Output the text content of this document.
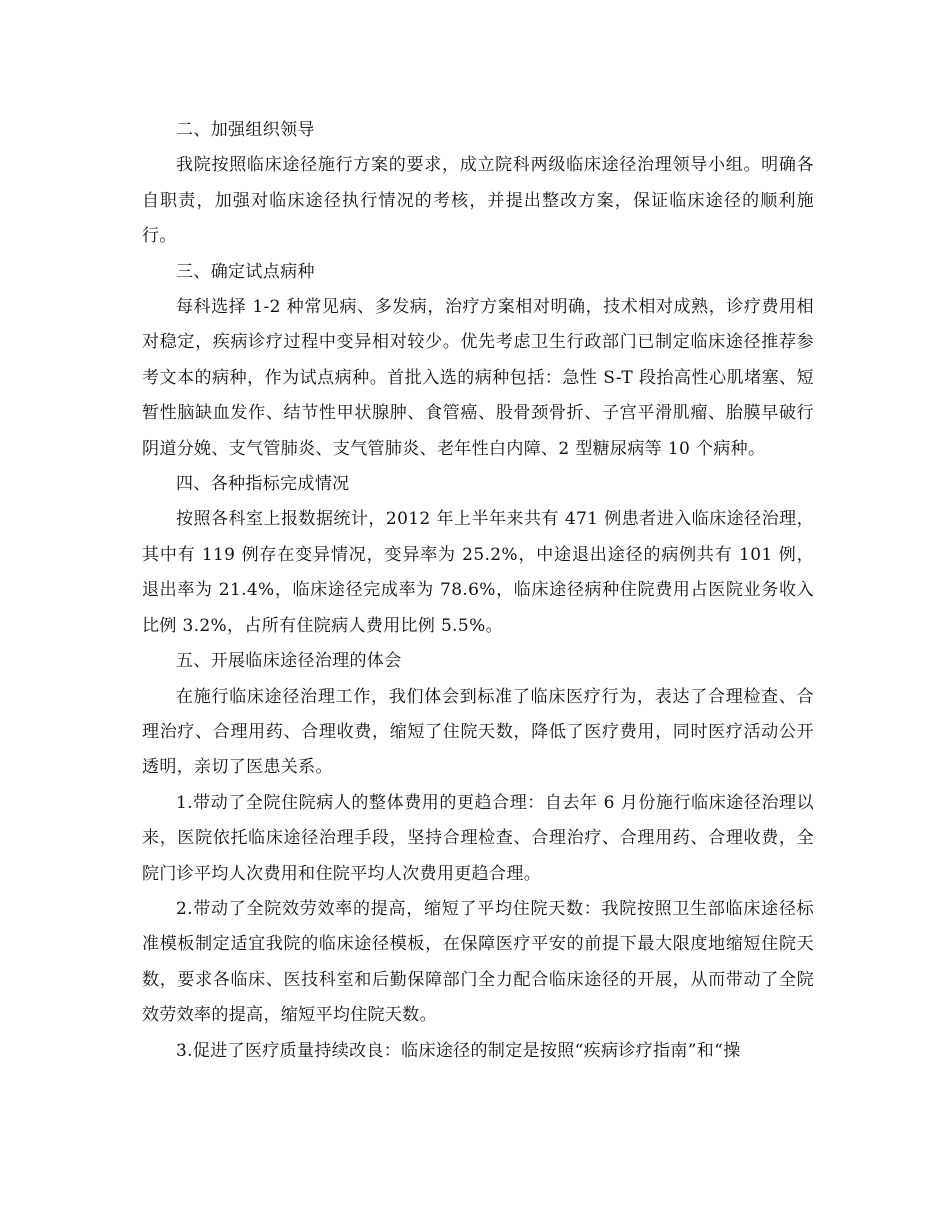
二、加强组织领导

我院按照临床途径施行方案的要求，成立院科两级临床途径治理领导小组。明确各自职责，加强对临床途径执行情况的考核，并提出整改方案，保证临床途径的顺利施行。

三、确定试点病种

每科选择 1-2 种常见病、多发病，治疗方案相对明确，技术相对成熟，诊疗费用相对稳定，疾病诊疗过程中变异相对较少。优先考虑卫生行政部门已制定临床途径推荐参考文本的病种，作为试点病种。首批入选的病种包括：急性 S-T 段抬高性心肌堵塞、短暂性脑缺血发作、结节性甲状腺肿、食管癌、股骨颈骨折、子宫平滑肌瘤、胎膜早破行阴道分娩、支气管肺炎、支气管肺炎、老年性白内障、2 型糖尿病等 10 个病种。

四、各种指标完成情况

按照各科室上报数据统计，2012 年上半年来共有 471 例患者进入临床途径治理，其中有 119 例存在变异情况，变异率为 25.2%，中途退出途径的病例共有 101 例，退出率为 21.4%，临床途径完成率为 78.6%，临床途径病种住院费用占医院业务收入比例 3.2%，占所有住院病人费用比例 5.5%。

五、开展临床途径治理的体会

在施行临床途径治理工作，我们体会到标准了临床医疗行为，表达了合理检查、合理治疗、合理用药、合理收费，缩短了住院天数，降低了医疗费用，同时医疗活动公开透明，亲切了医患关系。

1.带动了全院住院病人的整体费用的更趋合理：自去年 6 月份施行临床途径治理以来，医院依托临床途径治理手段，坚持合理检查、合理治疗、合理用药、合理收费，全院门诊平均人次费用和住院平均人次费用更趋合理。

2.带动了全院效劳效率的提高，缩短了平均住院天数：我院按照卫生部临床途径标准模板制定适宜我院的临床途径模板，在保障医疗平安的前提下最大限度地缩短住院天数，要求各临床、医技科室和后勤保障部门全力配合临床途径的开展，从而带动了全院效劳效率的提高，缩短平均住院天数。

3.促进了医疗质量持续改良：临床途径的制定是按照“疾病诊疗指南”和“操
